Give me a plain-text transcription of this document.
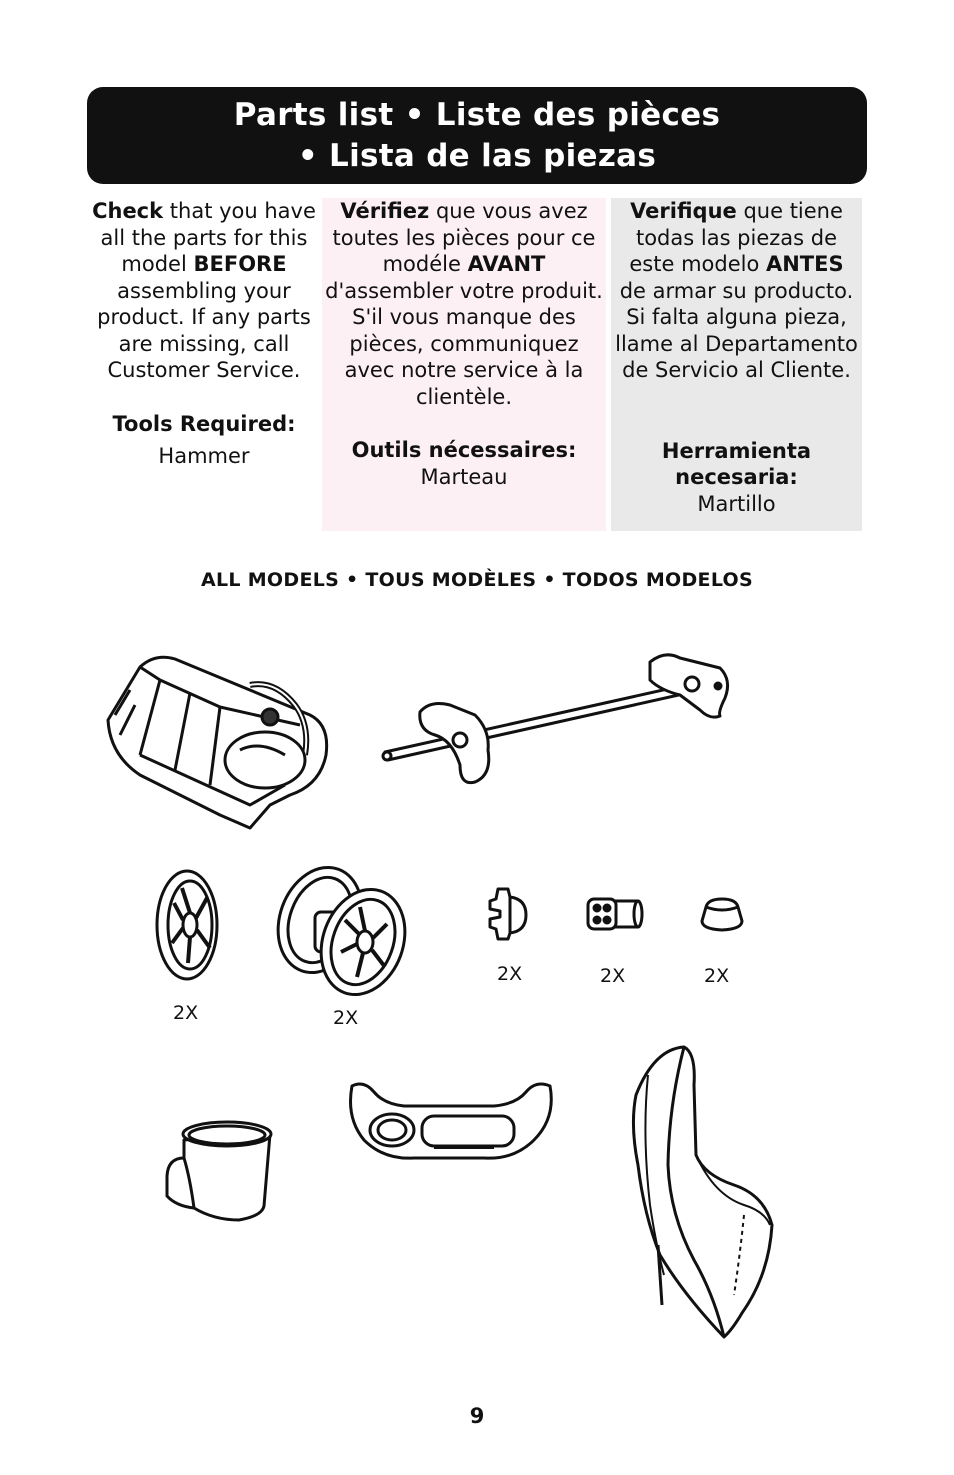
Parts list • Liste des pièces
• Lista de las piezas

Check that you have all the parts for this model BEFORE assembling your product. If any parts are missing, call Customer Service.

Tools Required:

Hammer

Vérifiez que vous avez toutes les pièces pour ce modéle AVANT d'assembler votre produit. S'il vous manque des pièces, communiquez avec notre service à la clientèle.

Outils nécessaires:

Marteau

Verifique que tiene todas las piezas de este modelo ANTES de armar su producto. Si falta alguna pieza, llame al Departamento de Servicio al Cliente.

Herramienta necesaria:

Martillo

ALL MODELS • TOUS MODÈLES • TODOS MODELOS
2X	2X
2X	2X	2X
9
